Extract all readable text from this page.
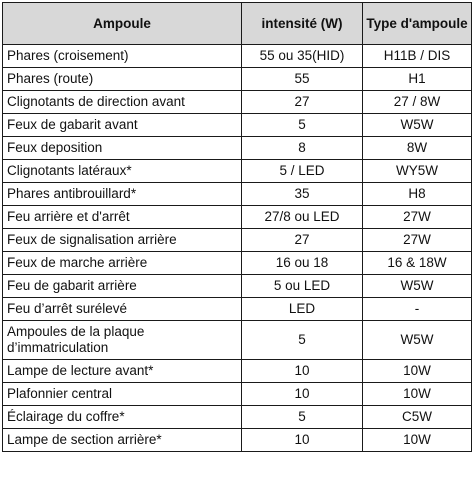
Ampoule	intensité (W)	Type d'ampoule
Phares (croisement)	55 ou 35(HID)	H11B / DIS
Phares (route)	55	H1
Clignotants de direction avant	27	27 / 8W
Feux de gabarit avant	5	W5W
Feux deposition	8	8W
Clignotants latéraux*	5 / LED	WY5W
Phares antibrouillard*	35	H8
Feu arrière et d'arrêt	27/8 ou LED	27W
Feux de signalisation arrière	27	27W
Feux de marche arrière	16 ou 18	16 & 18W
Feu de gabarit arrière	5 ou LED	W5W
Feu d’arrêt surélevé	LED	-
Ampoules de la plaque d’immatriculation	5	W5W
Lampe de lecture avant*	10	10W
Plafonnier central	10	10W
Éclairage du coffre*	5	C5W
Lampe de section arrière*	10	10W
